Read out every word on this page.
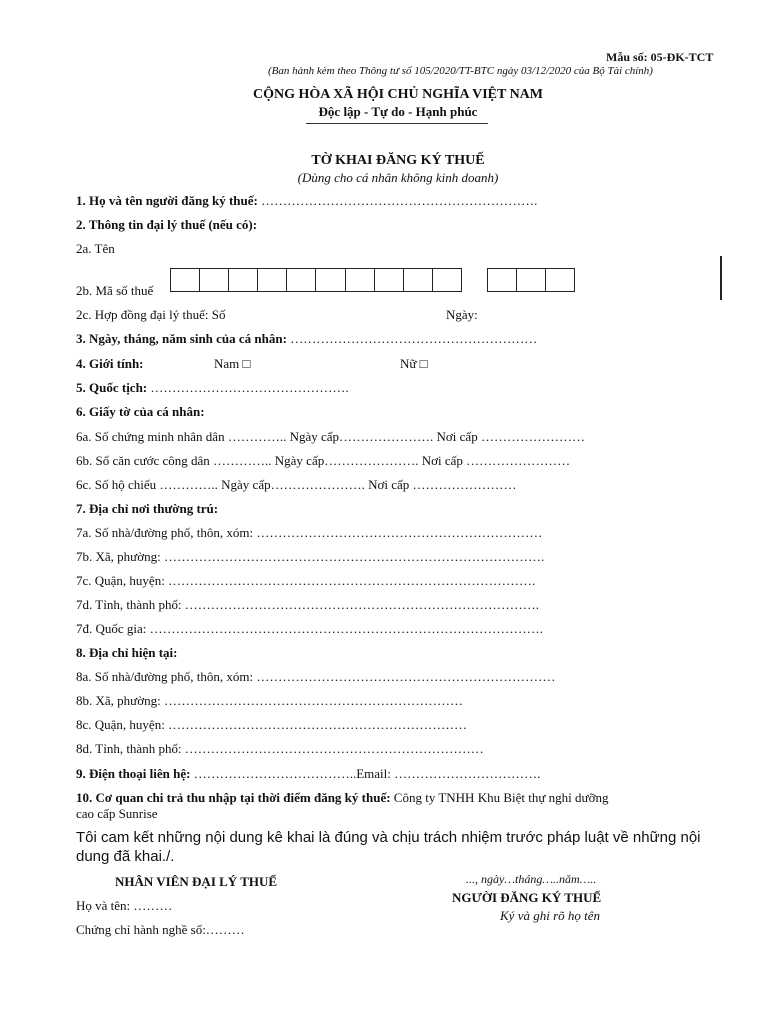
Mẫu số: 05-ĐK-TCT
(Ban hành kèm theo Thông tư số 105/2020/TT-BTC ngày 03/12/2020 của Bộ Tài chính)
CỘNG HÒA XÃ HỘI CHỦ NGHĨA VIỆT NAM
Độc lập - Tự do - Hạnh phúc
TỜ KHAI ĐĂNG KÝ THUẾ
(Dùng cho cá nhân không kinh doanh)
1. Họ và tên người đăng ký thuế: ……………………………………………………….
2. Thông tin đại lý thuế (nếu có):
2a. Tên
2b. Mã số thuế
2c. Hợp đồng đại lý thuế: Số	Ngày:
3. Ngày, tháng, năm sinh của cá nhân: …………………………………………………
4. Giới tính:	Nam □	Nữ □
5. Quốc tịch: ……………………………………….
6. Giấy tờ của cá nhân:
6a. Số chứng minh nhân dân ………….. Ngày cấp…………………. Nơi cấp ……………………
6b. Số căn cước công dân ………….. Ngày cấp…………………. Nơi cấp ……………………
6c. Số hộ chiếu ………….. Ngày cấp…………………. Nơi cấp ……………………
7. Địa chỉ nơi thường trú:
7a. Số nhà/đường phố, thôn, xóm: …………………………………………………………
7b. Xã, phường: …………………………………………………………………………….
7c. Quận, huyện: ………………………………………………………………………….
7d. Tỉnh, thành phố: ……………………………………………………………………….
7đ. Quốc gia: ……………………………………………………………………………….
8. Địa chỉ hiện tại:
8a. Số nhà/đường phố, thôn, xóm: ……………………………………………………………
8b. Xã, phường: ……………………………………………………………
8c. Quận, huyện: ……………………………………………………………
8d. Tỉnh, thành phố: ……………………………………………………………
9. Điện thoại liên hệ: ………………………………..Email: …………………………….
10. Cơ quan chi trả thu nhập tại thời điểm đăng ký thuế: Công ty TNHH Khu Biệt thự nghỉ dưỡng
cao cấp Sunrise
Tôi cam kết những nội dung kê khai là đúng và chịu trách nhiệm trước pháp luật về những nội
dung đã khai./.
NHÂN VIÊN ĐẠI LÝ THUẾ
Họ và tên: ………
Chứng chỉ hành nghề số:………
..., ngày…tháng…..năm…..
NGƯỜI ĐĂNG KÝ THUẾ
Ký và ghi rõ họ tên
